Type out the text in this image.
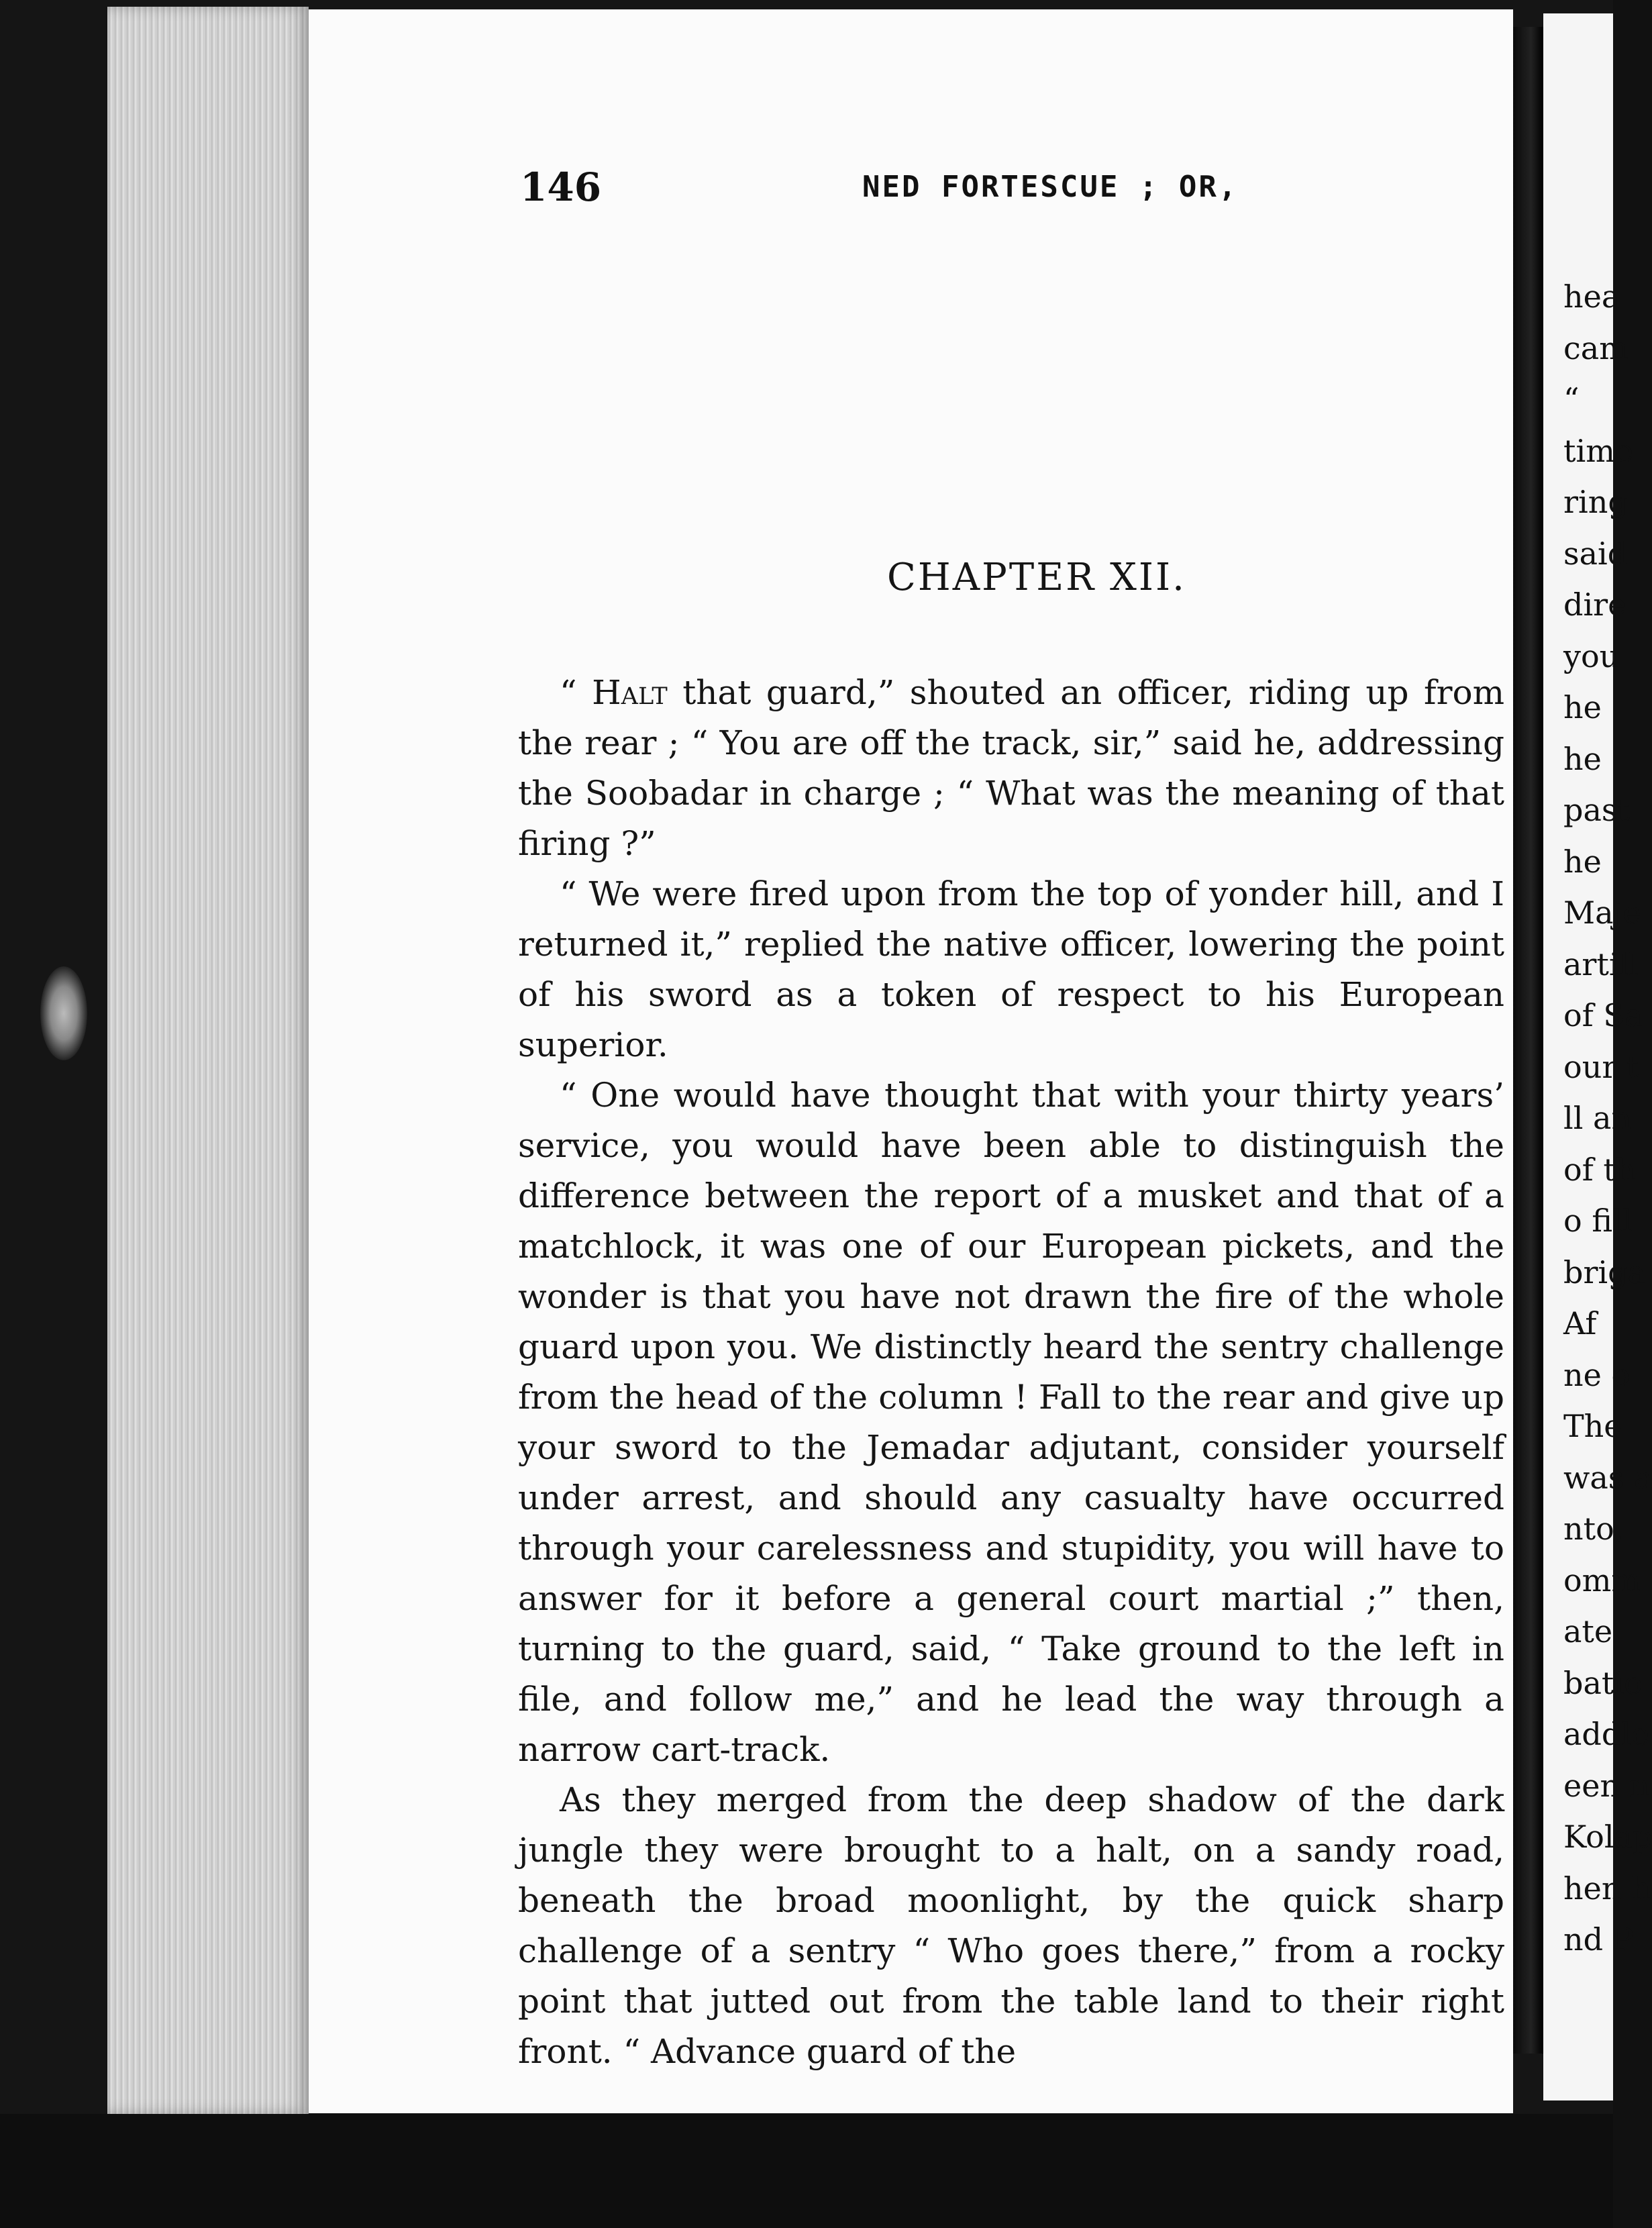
146	NED FORTESCUE ; OR,
CHAPTER XII.

“ Halt that guard,” shouted an officer, riding up from the rear ; “ You are off the track, sir,” said he, addressing the Soobadar in charge ; “ What was the meaning of that firing ?”

“ We were fired upon from the top of yonder hill, and I returned it,” replied the native officer, lowering the point of his sword as a token of respect to his European superior.

“ One would have thought that with your thirty years’ service, you would have been able to distinguish the difference between the report of a musket and that of a matchlock, it was one of our European pickets, and the wonder is that you have not drawn the fire of the whole guard upon you. We distinctly heard the sentry challenge from the head of the column ! Fall to the rear and give up your sword to the Jemadar adjutant, consider yourself under arrest, and should any casualty have occurred through your carelessness and stupidity, you will have to answer for it before a general court martial ;” then, turning to the guard, said, “ Take ground to the left in file, and follow me,” and he lead the way through a narrow cart-track.

As they merged from the deep shadow of the dark jungle they were brought to a halt, on a sandy road, beneath the broad moonlight, by the quick sharp challenge of a sentry “ Who goes there,” from a rocky point that jutted out from the table land to their right front. “ Advance guard of the

hea
cam
“
time
ring
said
dire
you
he
he
past
he
Maje
artill
of Sa
our t
ll an
of th
o fill
briga
Af
ne o
The
was a
nto,
omm
ate
batio
addle
een n
Kolap
hen h
nd P
